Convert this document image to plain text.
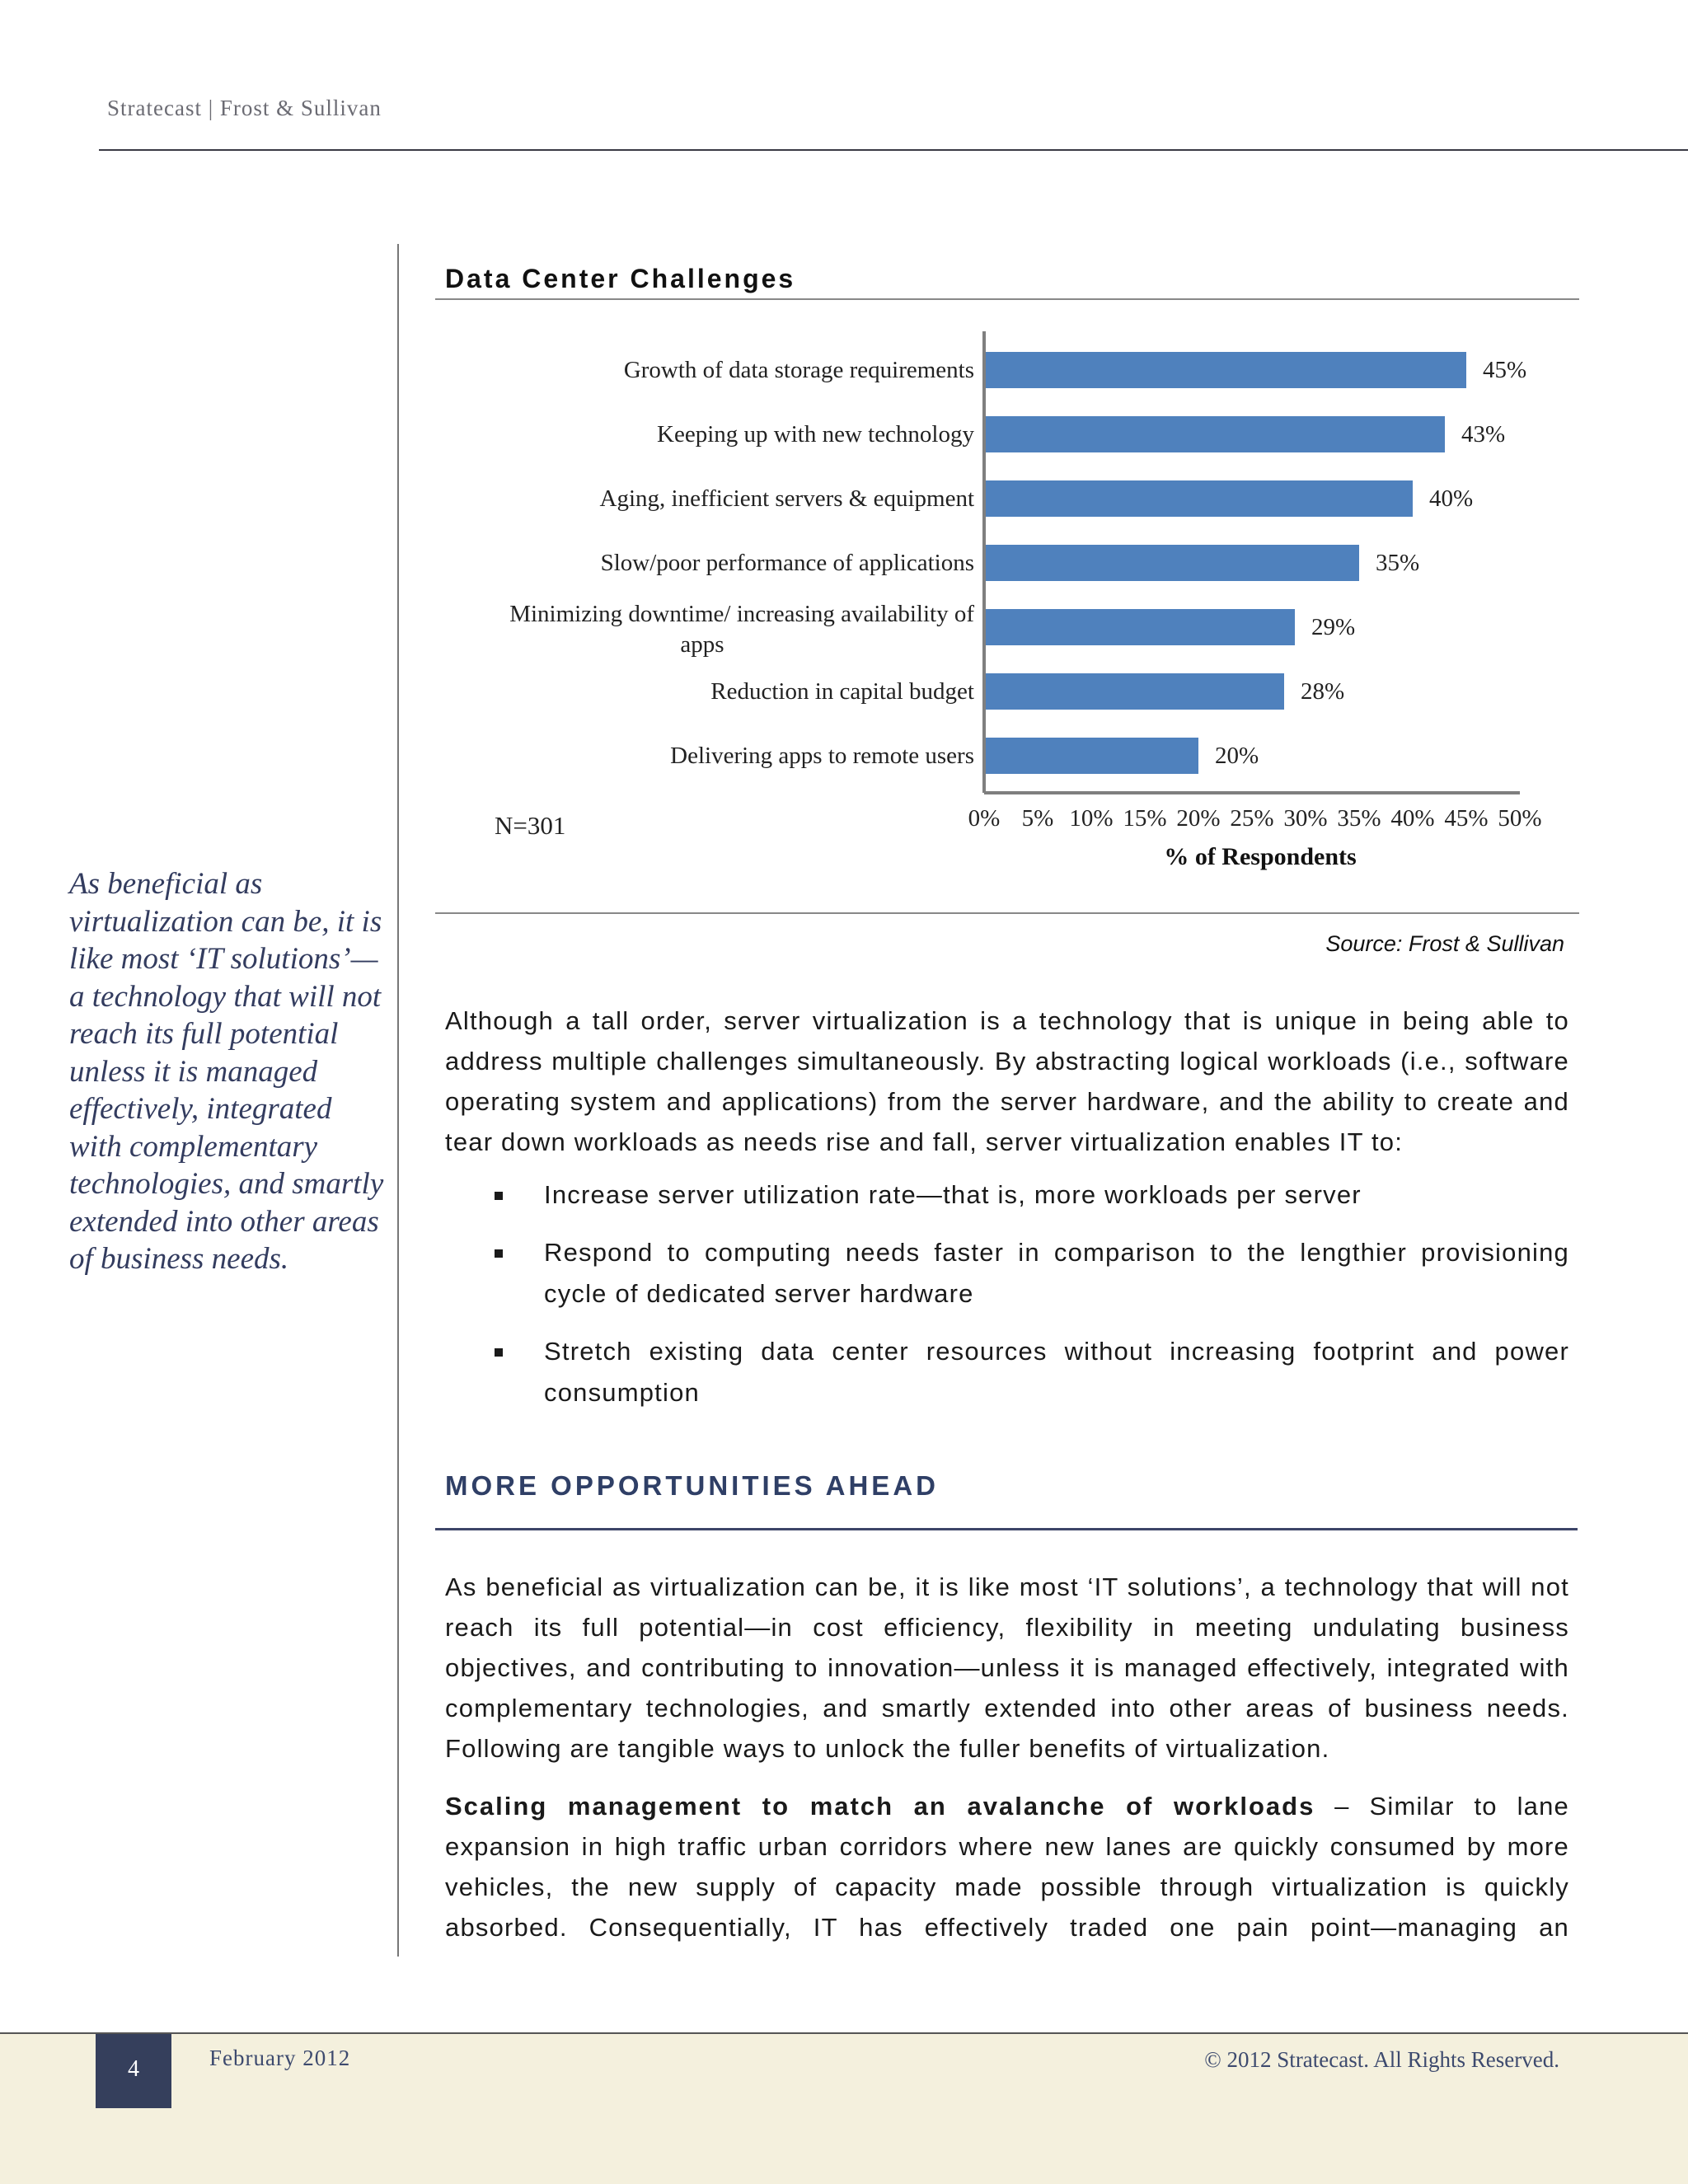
Stratecast | Frost & Sullivan
As beneficial as virtualization can be, it is like most ‘IT solutions’—a technology that will not reach its full potential unless it is managed effectively, integrated with complementary technologies, and smartly extended into other areas of business needs.
Data Center Challenges
Growth of data storage requirements
Keeping up with new technology
Aging, inefficient servers & equipment
Slow/poor performance of applications
Minimizing downtime/ increasing availability of apps
Reduction in capital budget
Delivering apps to remote users
45%
43%
40%
35%
29%
28%
20%
0% 5% 10% 15% 20% 25% 30% 35% 40% 45% 50%
% of Respondents
N=301
Source: Frost & Sullivan

Although a tall order, server virtualization is a technology that is unique in being able to address multiple challenges simultaneously. By abstracting logical workloads (i.e., software operating system and applications) from the server hardware, and the ability to create and tear down workloads as needs rise and fall, server virtualization enables IT to:

Increase server utilization rate—that is, more workloads per server
Respond to computing needs faster in comparison to the lengthier provisioning cycle of dedicated server hardware
Stretch existing data center resources without increasing footprint and power consumption
MORE OPPORTUNITIES AHEAD

As beneficial as virtualization can be, it is like most ‘IT solutions’, a technology that will not reach its full potential—in cost efficiency, flexibility in meeting undulating business objectives, and contributing to innovation—unless it is managed effectively, integrated with complementary technologies, and smartly extended into other areas of business needs. Following are tangible ways to unlock the fuller benefits of virtualization.

Scaling management to match an avalanche of workloads – Similar to lane expansion in high traffic urban corridors where new lanes are quickly consumed by more vehicles, the new supply of capacity made possible through virtualization is quickly absorbed. Consequentially, IT has effectively traded one pain point—managing an

4	February 2012	© 2012 Stratecast. All Rights Reserved.
